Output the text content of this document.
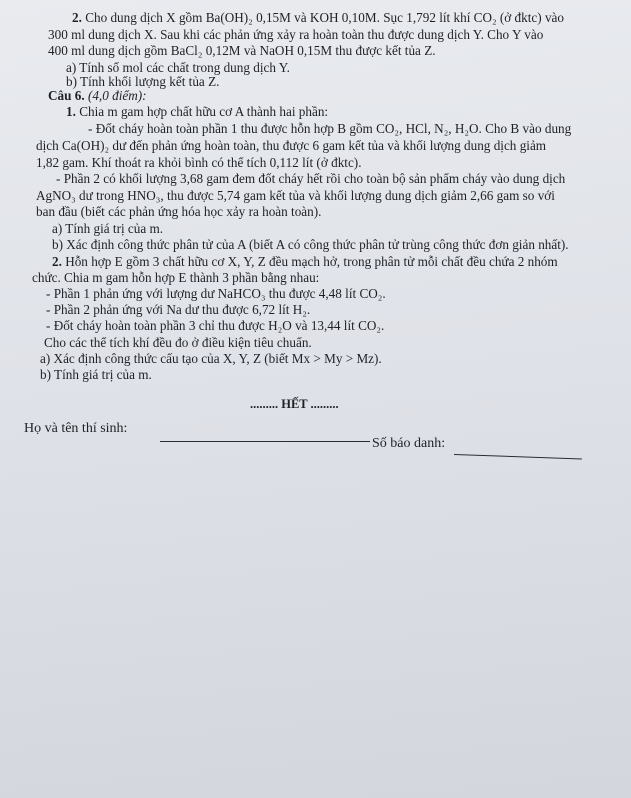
2. Cho dung dịch X gồm Ba(OH)₂ 0,15M và KOH 0,10M. Sục 1,792 lít khí CO₂ (ở đktc) vào
300 ml dung dịch X. Sau khi các phản ứng xảy ra hoàn toàn thu được dung dịch Y. Cho Y vào
400 ml dung dịch gồm BaCl₂ 0,12M và NaOH 0,15M thu được kết tủa Z.
a) Tính số mol các chất trong dung dịch Y.
b) Tính khối lượng kết tủa Z.
Câu 6. (4,0 điểm):
1. Chia m gam hợp chất hữu cơ A thành hai phần:
- Đốt cháy hoàn toàn phần 1 thu được hỗn hợp B gồm CO₂, HCl, N₂, H₂O. Cho B vào dung
dịch Ca(OH)₂ dư đến phản ứng hoàn toàn, thu được 6 gam kết tủa và khối lượng dung dịch giảm
1,82 gam. Khí thoát ra khỏi bình có thể tích 0,112 lít (ở đktc).
- Phần 2 có khối lượng 3,68 gam đem đốt cháy hết rồi cho toàn bộ sản phẩm cháy vào dung dịch
AgNO₃ dư trong HNO₃, thu được 5,74 gam kết tủa và khối lượng dung dịch giảm 2,66 gam so với
ban đầu (biết các phản ứng hóa học xảy ra hoàn toàn).
a) Tính giá trị của m.
b) Xác định công thức phân tử của A (biết A có công thức phân tử trùng công thức đơn giản nhất).
2. Hỗn hợp E gồm 3 chất hữu cơ X, Y, Z đều mạch hở, trong phân tử mỗi chất đều chứa 2 nhóm
chức. Chia m gam hỗn hợp E thành 3 phần bằng nhau:
- Phần 1 phản ứng với lượng dư NaHCO₃ thu được 4,48 lít CO₂.
- Phần 2 phản ứng với Na dư thu được 6,72 lít H₂.
- Đốt cháy hoàn toàn phần 3 chỉ thu được H₂O và 13,44 lít CO₂.
Cho các thể tích khí đều đo ở điều kiện tiêu chuẩn.
a) Xác định công thức cấu tạo của X, Y, Z (biết Mx > My > Mz).
b) Tính giá trị của m.
......... HẾT .........
Họ và tên thí sinh:
Số báo danh:
